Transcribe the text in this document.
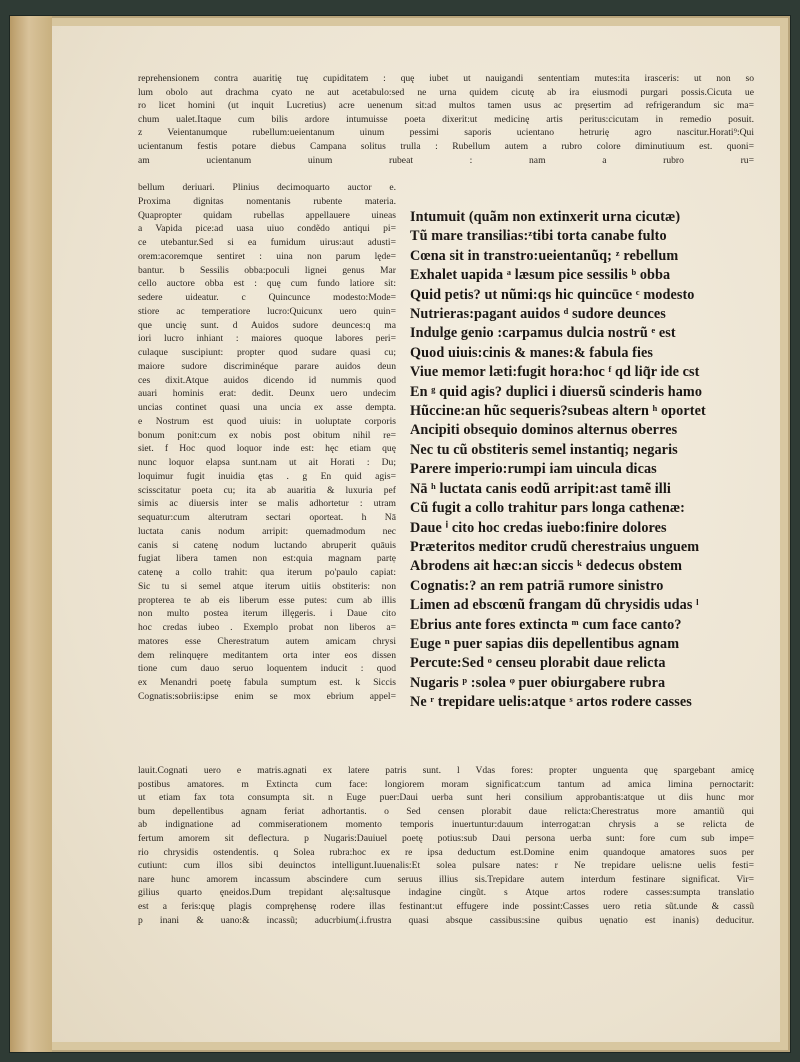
reprehensionem contra auaritię tuę cupiditatem : quę iubet ut nauigandi sententiam mutes:ita irasceris: ut non so
lum obolo aut drachma cyato ne aut acetabulo:sed ne urna quidem cicutę ab ira eiusmodi purgari possis.Cicuta ue
ro licet homini (ut inquit Lucretius) acre uenenum sit:ad multos tamen usus ac pręsertim ad refrigerandum sic ma=
chum ualet.Itaque cum bilis ardore intumuisse poeta dixerit:ut medicinę artis peritus:cicutam in remedio posuit.
z Veientanumque rubellum:ueientanum uinum pessimi saporis ucientano hetrurię agro nascitur.Horati⁹:Qui
ucientanum festis potare diebus Campana solitus trulla : Rubellum autem a rubro colore diminutiuum est. quoni=
am ucientanum uinum rubeat : nam a rubro ru=
bellum deriuari. Plinius decimoquarto auctor e.
Proxima dignitas nomentanis rubente materia.
Quapropter quidam rubellas appellauere uineas
a Vapida pice:ad uasa uiuo condẽdo antiqui pi=
ce utebantur.Sed si ea fumidum uirus:aut adusti=
orem:acoremque sentiret : uina non parum lęde=
bantur. b Sessilis obba:poculi lignei genus Mar
cello auctore obba est : quę cum fundo latiore sit:
sedere uideatur. c Quincunce modesto:Mode=
stiore ac temperatiore lucro:Quicunx uero quin=
que uncię sunt. d Auidos sudore deunces:q ma
iori lucro inhiant : maiores quoque labores peri=
culaque suscipiunt: propter quod sudare quasi cu;
maiore sudore discriminéque parare auidos deun
ces dixit.Atque auidos dicendo id nummis quod
auari hominis erat: dedit. Deunx uero undecim
uncias continet quasi una uncia ex asse dempta.
e Nostrum est quod uiuis: in uoluptate corporis
bonum ponit:cum ex nobis post obitum nihil re=
siet. f Hoc quod loquor inde est: hęc etiam quę
nunc loquor elapsa sunt.nam ut ait Horati : Du;
loquimur fugit inuidia ętas . g En quid agis=
scisscitatur poeta cu; ita ab auaritia & luxuria pef
simis ac diuersis inter se malis adhortetur : utram
sequatur:cum alterutram sectari oporteat. h Nā
luctata canis nodum arripit: quemadmodum nec
canis si catenę nodum luctando abruperit quāuis
fugiat libera tamen non est:quia magnam partẹ
catenę a collo trahit: qua iterum po'paulo capiat:
Sic tu si semel atque iterum uitiis obstiteris: non
propterea te ab eis liberum esse putes: cum ab illis
non multo postea iterum illęgeris. i Daue cito
hoc credas iubeo . Exemplo probat non liberos a=
matores esse Cherestratum autem amicam chrysi
dem relinquęre meditantem orta inter eos dissen
tione cum dauo seruo loquentem inducit : quod
ex Menandri poetę fabula sumptum est. k Siccis
Cognatis:sobriis:ipse enim se mox ebrium appel=
Intumuit (quãm non extinxerit urna cicutæ)
Tũ mare transilias:ᶻtibi torta canabe fulto
Cœna sit in transtro:ueientanũq; ᶻ rebellum
Exhalet uapida ᵃ læsum pice sessilis ᵇ obba
Quid petis? ut nũmi:qs hic quincūce ᶜ modesto
Nutrieras:pagant auidos ᵈ sudore deunces
Indulge genio :carpamus dulcia nostrũ ᵉ est
Quod uiuis:cinis & manes:& fabula fies
Viue memor læti:fugit hora:hoc ᶠ qd liq̃r ide cst
En ᵍ quid agis? duplici i diuersũ scinderis hamo
Hũccine:an hũc sequeris?subeas altern ʰ oportet
Ancipiti obsequio dominos alternus oberres
Nec tu cũ obstiteris semel instantiq; negaris
Parere imperio:rumpi iam uincula dicas
Nā ʰ luctata canis eodũ arripit:ast tamẽ illi
Cũ fugit a collo trahitur pars longa cathenæ:
Daue ⁱ cito hoc credas iuebo:finire dolores
Præteritos meditor crudũ cherestraius unguem
Abrodens ait hæc:an siccis ᵏ dedecus obstem
Cognatis:? an rem patriā rumore sinistro
Limen ad ebscœnũ frangam dũ chrysidis udas ˡ
Ebrius ante fores extincta ᵐ cum face canto?
Euge ⁿ puer sapias diis depellentibus agnam
Percute:Sed ᵒ censeu plorabit daue relicta
Nugaris ᵖ :solea ᵠ puer obiurgabere rubra
Ne ʳ trepidare uelis:atque ˢ artos rodere casses
lauit.Cognati uero e matris.agnati ex latere patris sunt. l Vdas fores: propter unguenta quę spargebant amicę
postibus amatores. m Extincta cum face: longiorem moram significat:cum tantum ad amica limina pernoctarit:
ut etiam fax tota consumpta sit. n Euge puer:Daui uerba sunt heri consilium approbantis:atque ut diis hunc mor
bum depellentibus agnam feriat adhortantis. o Sed censen plorabit daue relicta:Cherestratus more amantiũ qui
ab indignatione ad commiserationem momento temporis inuertuntur:dauum interrogat:an chrysis a se relicta de
fertum amorem sit deflectura. p Nugaris:Dauiuel poetę potius:sub Daui persona uerba sunt: fore cum sub impe=
rio chrysidis ostendentis. q Solea rubra:hoc ex re ipsa deductum est.Domine enim quandoque amatores suos per
cutiunt: cum illos sibi deuinctos intelligunt.Iuuenalis:Et solea pulsare nates: r Ne trepidare uelis:ne uelis festi=
nare hunc amorem incassum abscindere cum seruus illius sis.Trepidare autem interdum festinare significat. Vir=
gilius quarto ęneidos.Dum trepidant alę:saltusque indagine cingũt. s Atque artos rodere casses:sumpta translatio
est a feris:quę plagis compręhensę rodere illas festinant:ut effugere inde possint:Casses uero retia sũt.unde & cassũ
p inani & uano:& incassũ; aducrbium(.i.frustra quasi absque cassibus:sine quibus uęnatio est inanis) deducitur.
